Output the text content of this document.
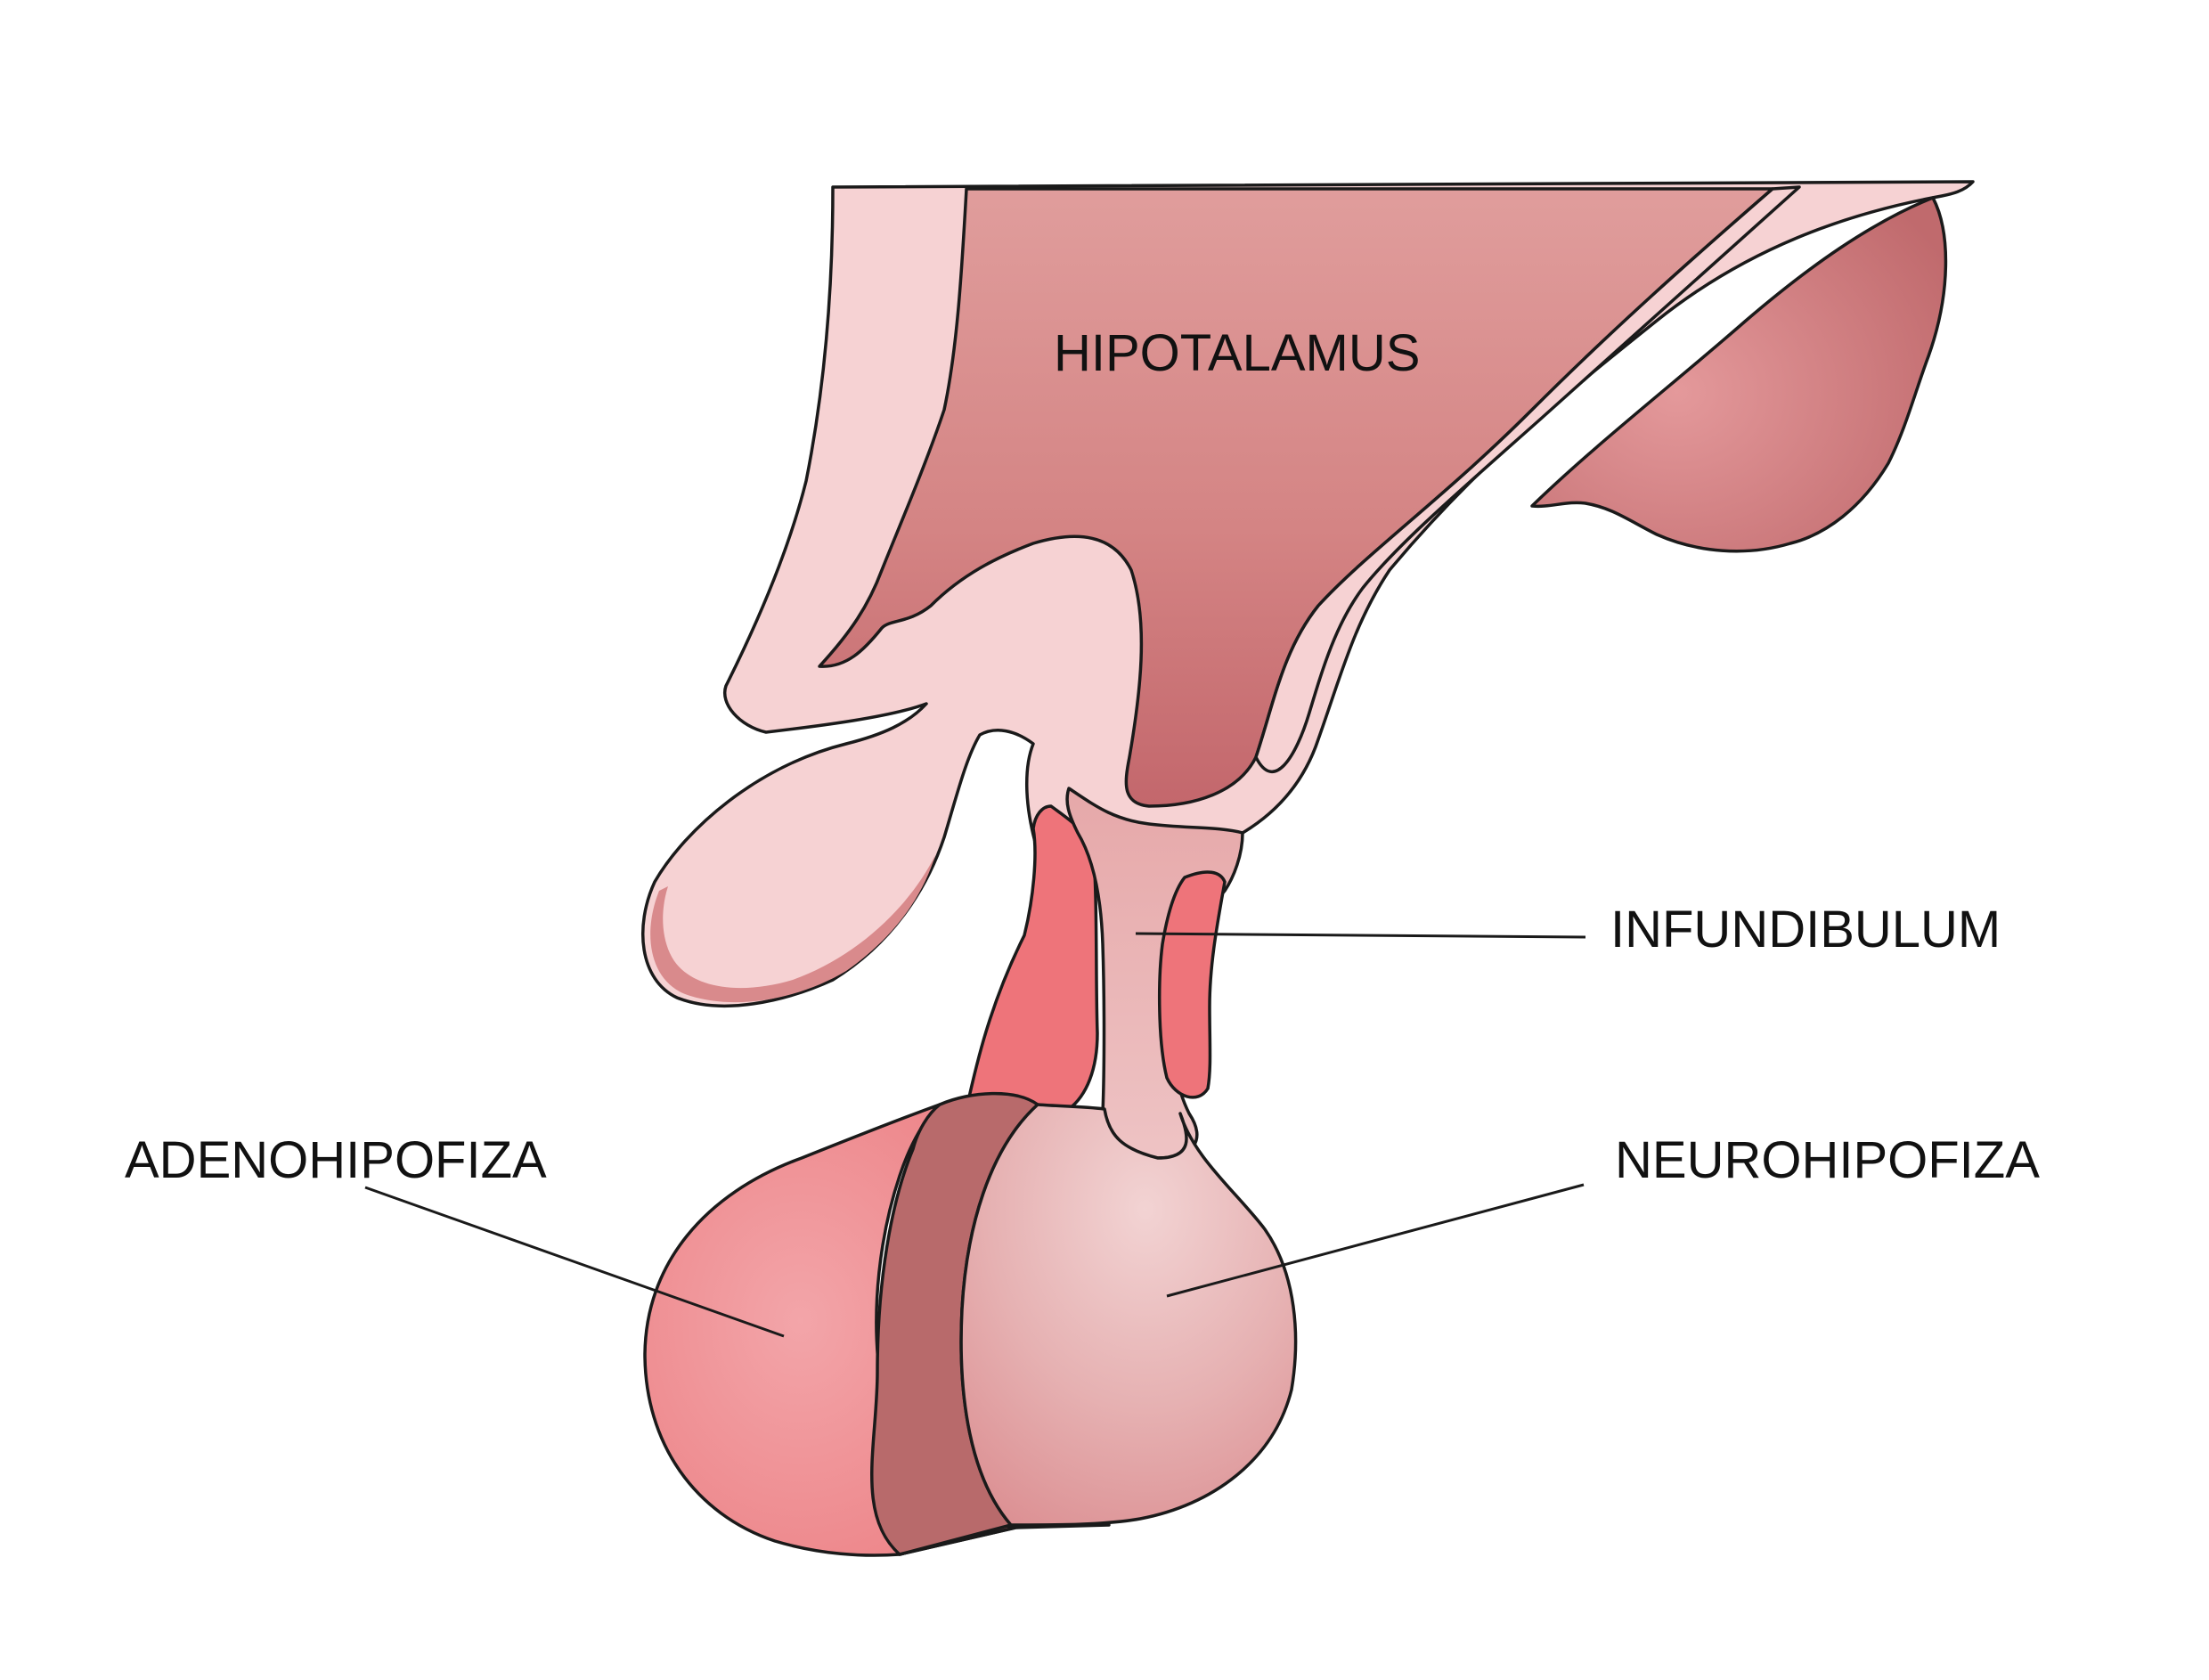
HIPOTALAMUS
INFUNDIBULUM
ADENOHIPOFIZA	NEUROHIPOFIZA
